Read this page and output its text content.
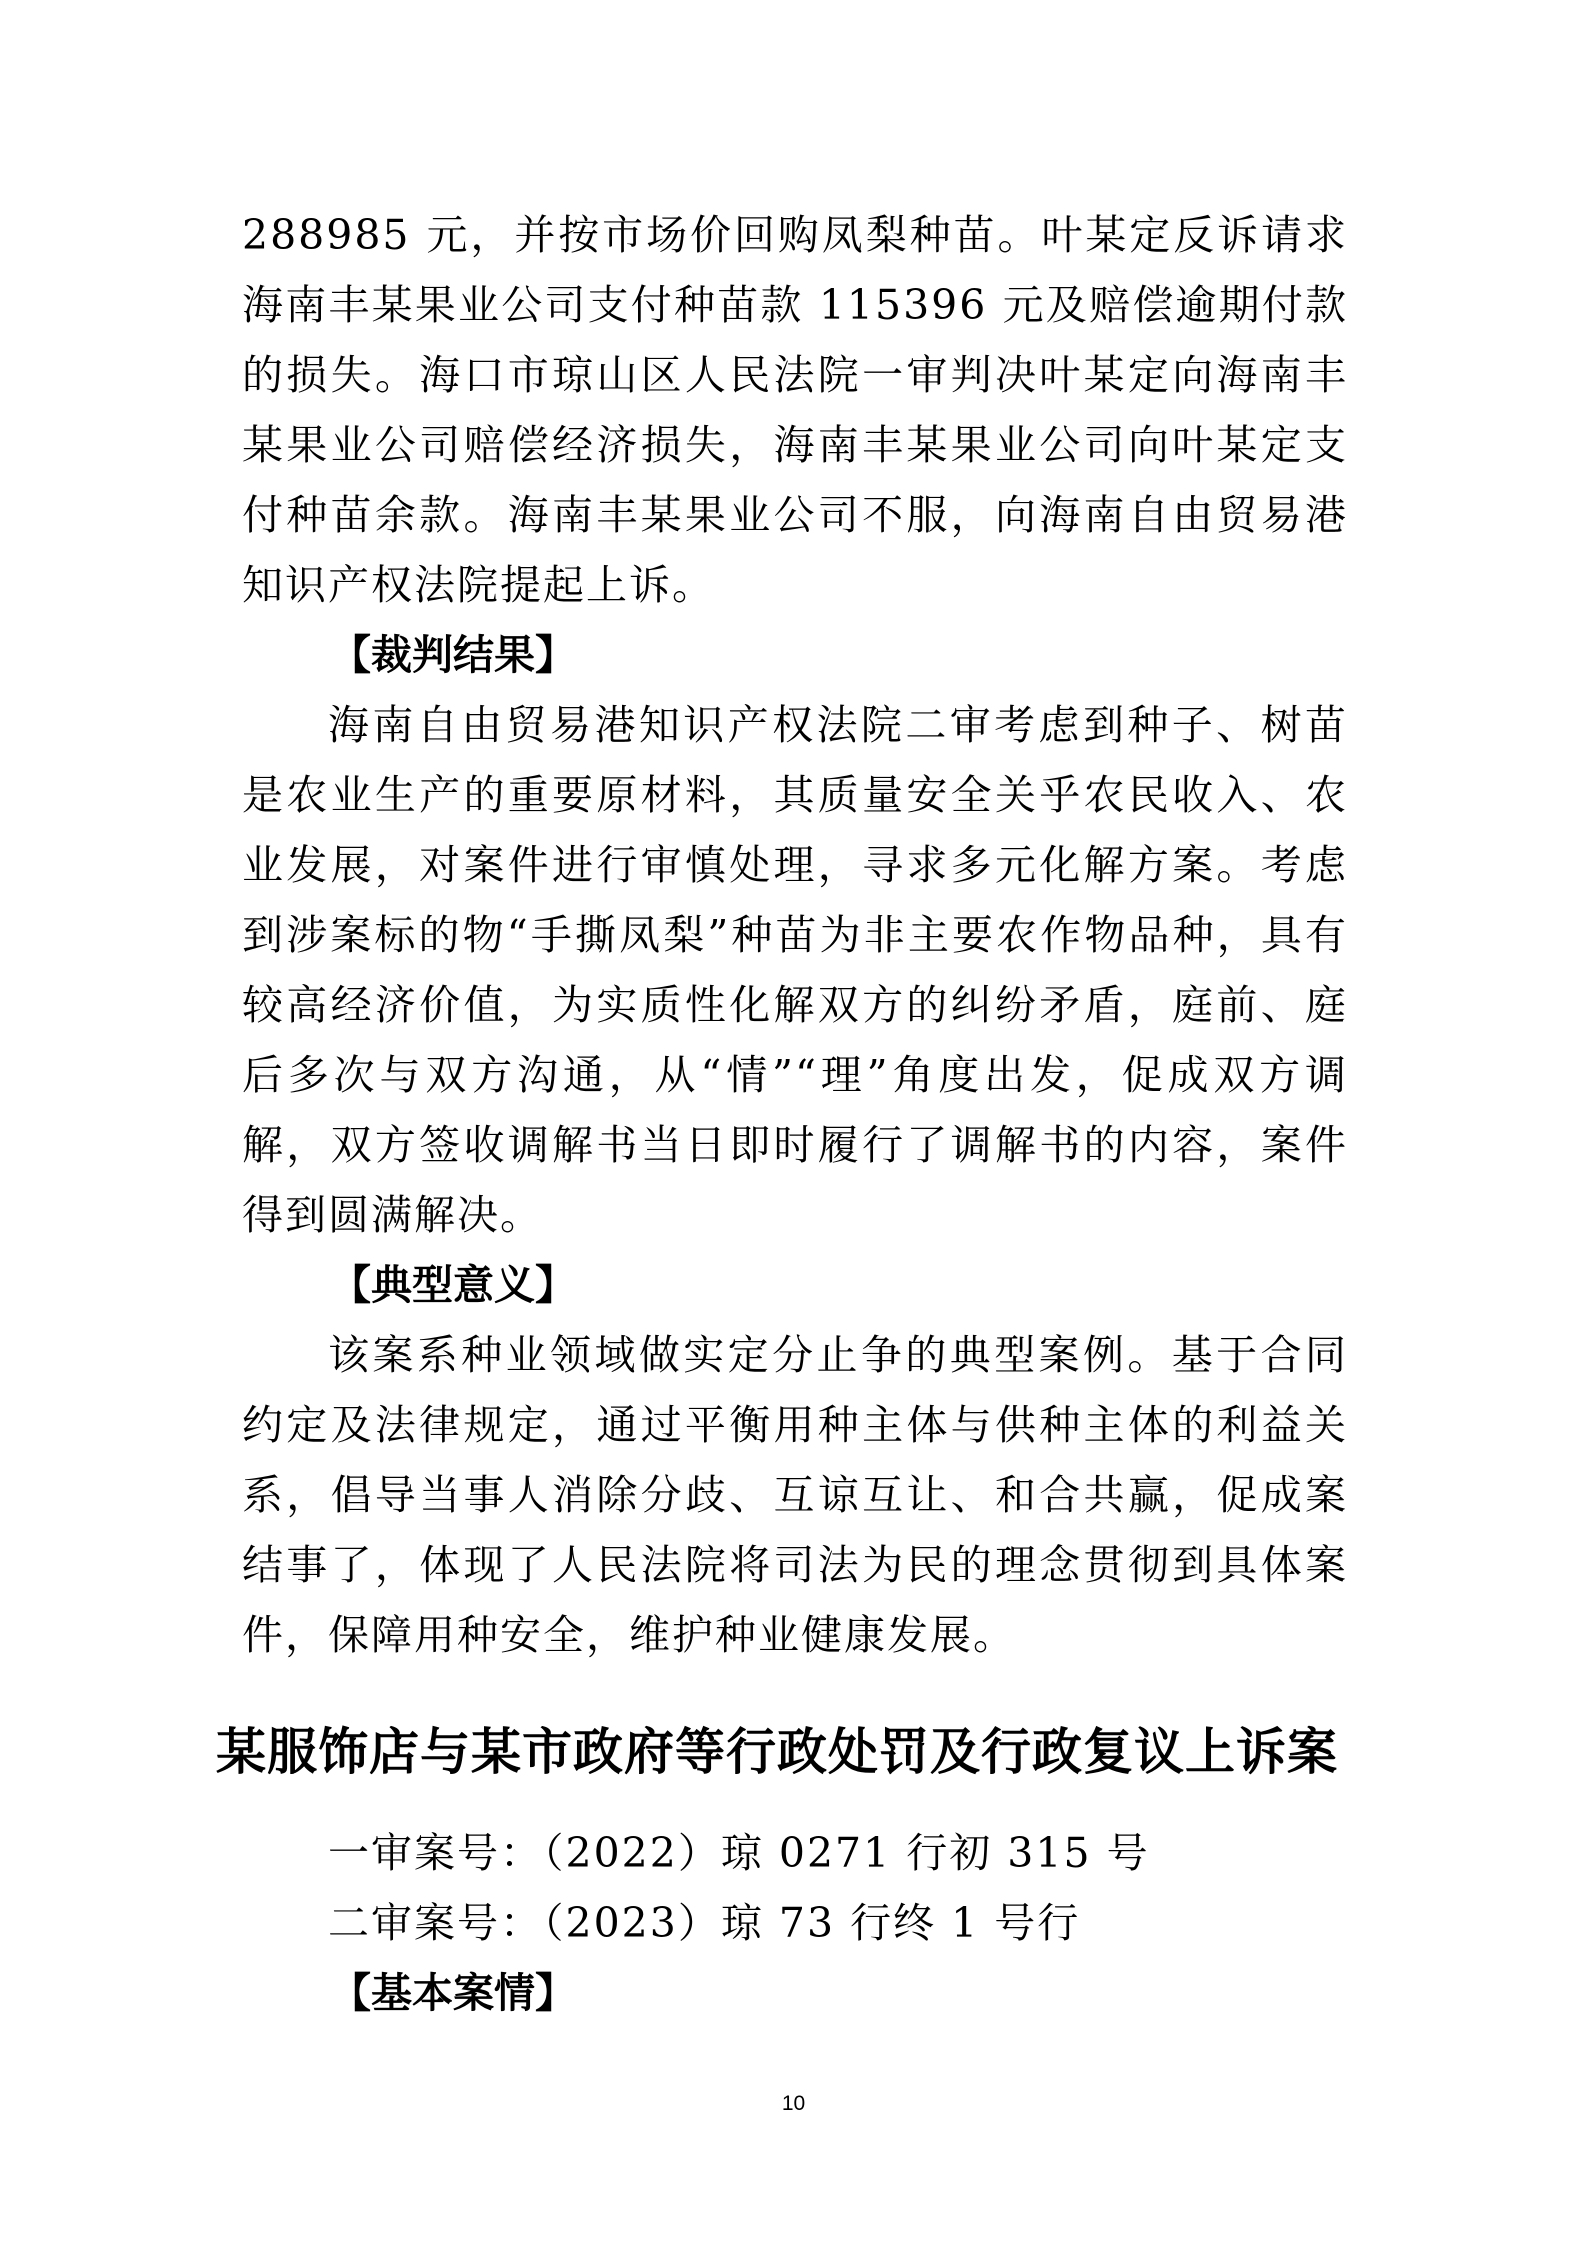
288985 元，并按市场价回购凤梨种苗。叶某定反诉请求海南丰某果业公司支付种苗款 115396 元及赔偿逾期付款的损失。海口市琼山区人民法院一审判决叶某定向海南丰某果业公司赔偿经济损失，海南丰某果业公司向叶某定支付种苗余款。海南丰某果业公司不服，向海南自由贸易港知识产权法院提起上诉。

【裁判结果】

海南自由贸易港知识产权法院二审考虑到种子、树苗是农业生产的重要原材料，其质量安全关乎农民收入、农业发展，对案件进行审慎处理，寻求多元化解方案。考虑到涉案标的物“手撕凤梨”种苗为非主要农作物品种，具有较高经济价值，为实质性化解双方的纠纷矛盾，庭前、庭后多次与双方沟通，从“情”“理”角度出发，促成双方调解，双方签收调解书当日即时履行了调解书的内容，案件得到圆满解决。

【典型意义】

该案系种业领域做实定分止争的典型案例。基于合同约定及法律规定，通过平衡用种主体与供种主体的利益关系，倡导当事人消除分歧、互谅互让、和合共赢，促成案结事了，体现了人民法院将司法为民的理念贯彻到具体案件，保障用种安全，维护种业健康发展。

某服饰店与某市政府等行政处罚及行政复议上诉案

一审案号：（2022）琼 0271 行初 315 号

二审案号：（2023）琼 73 行终 1 号行

【基本案情】

10
